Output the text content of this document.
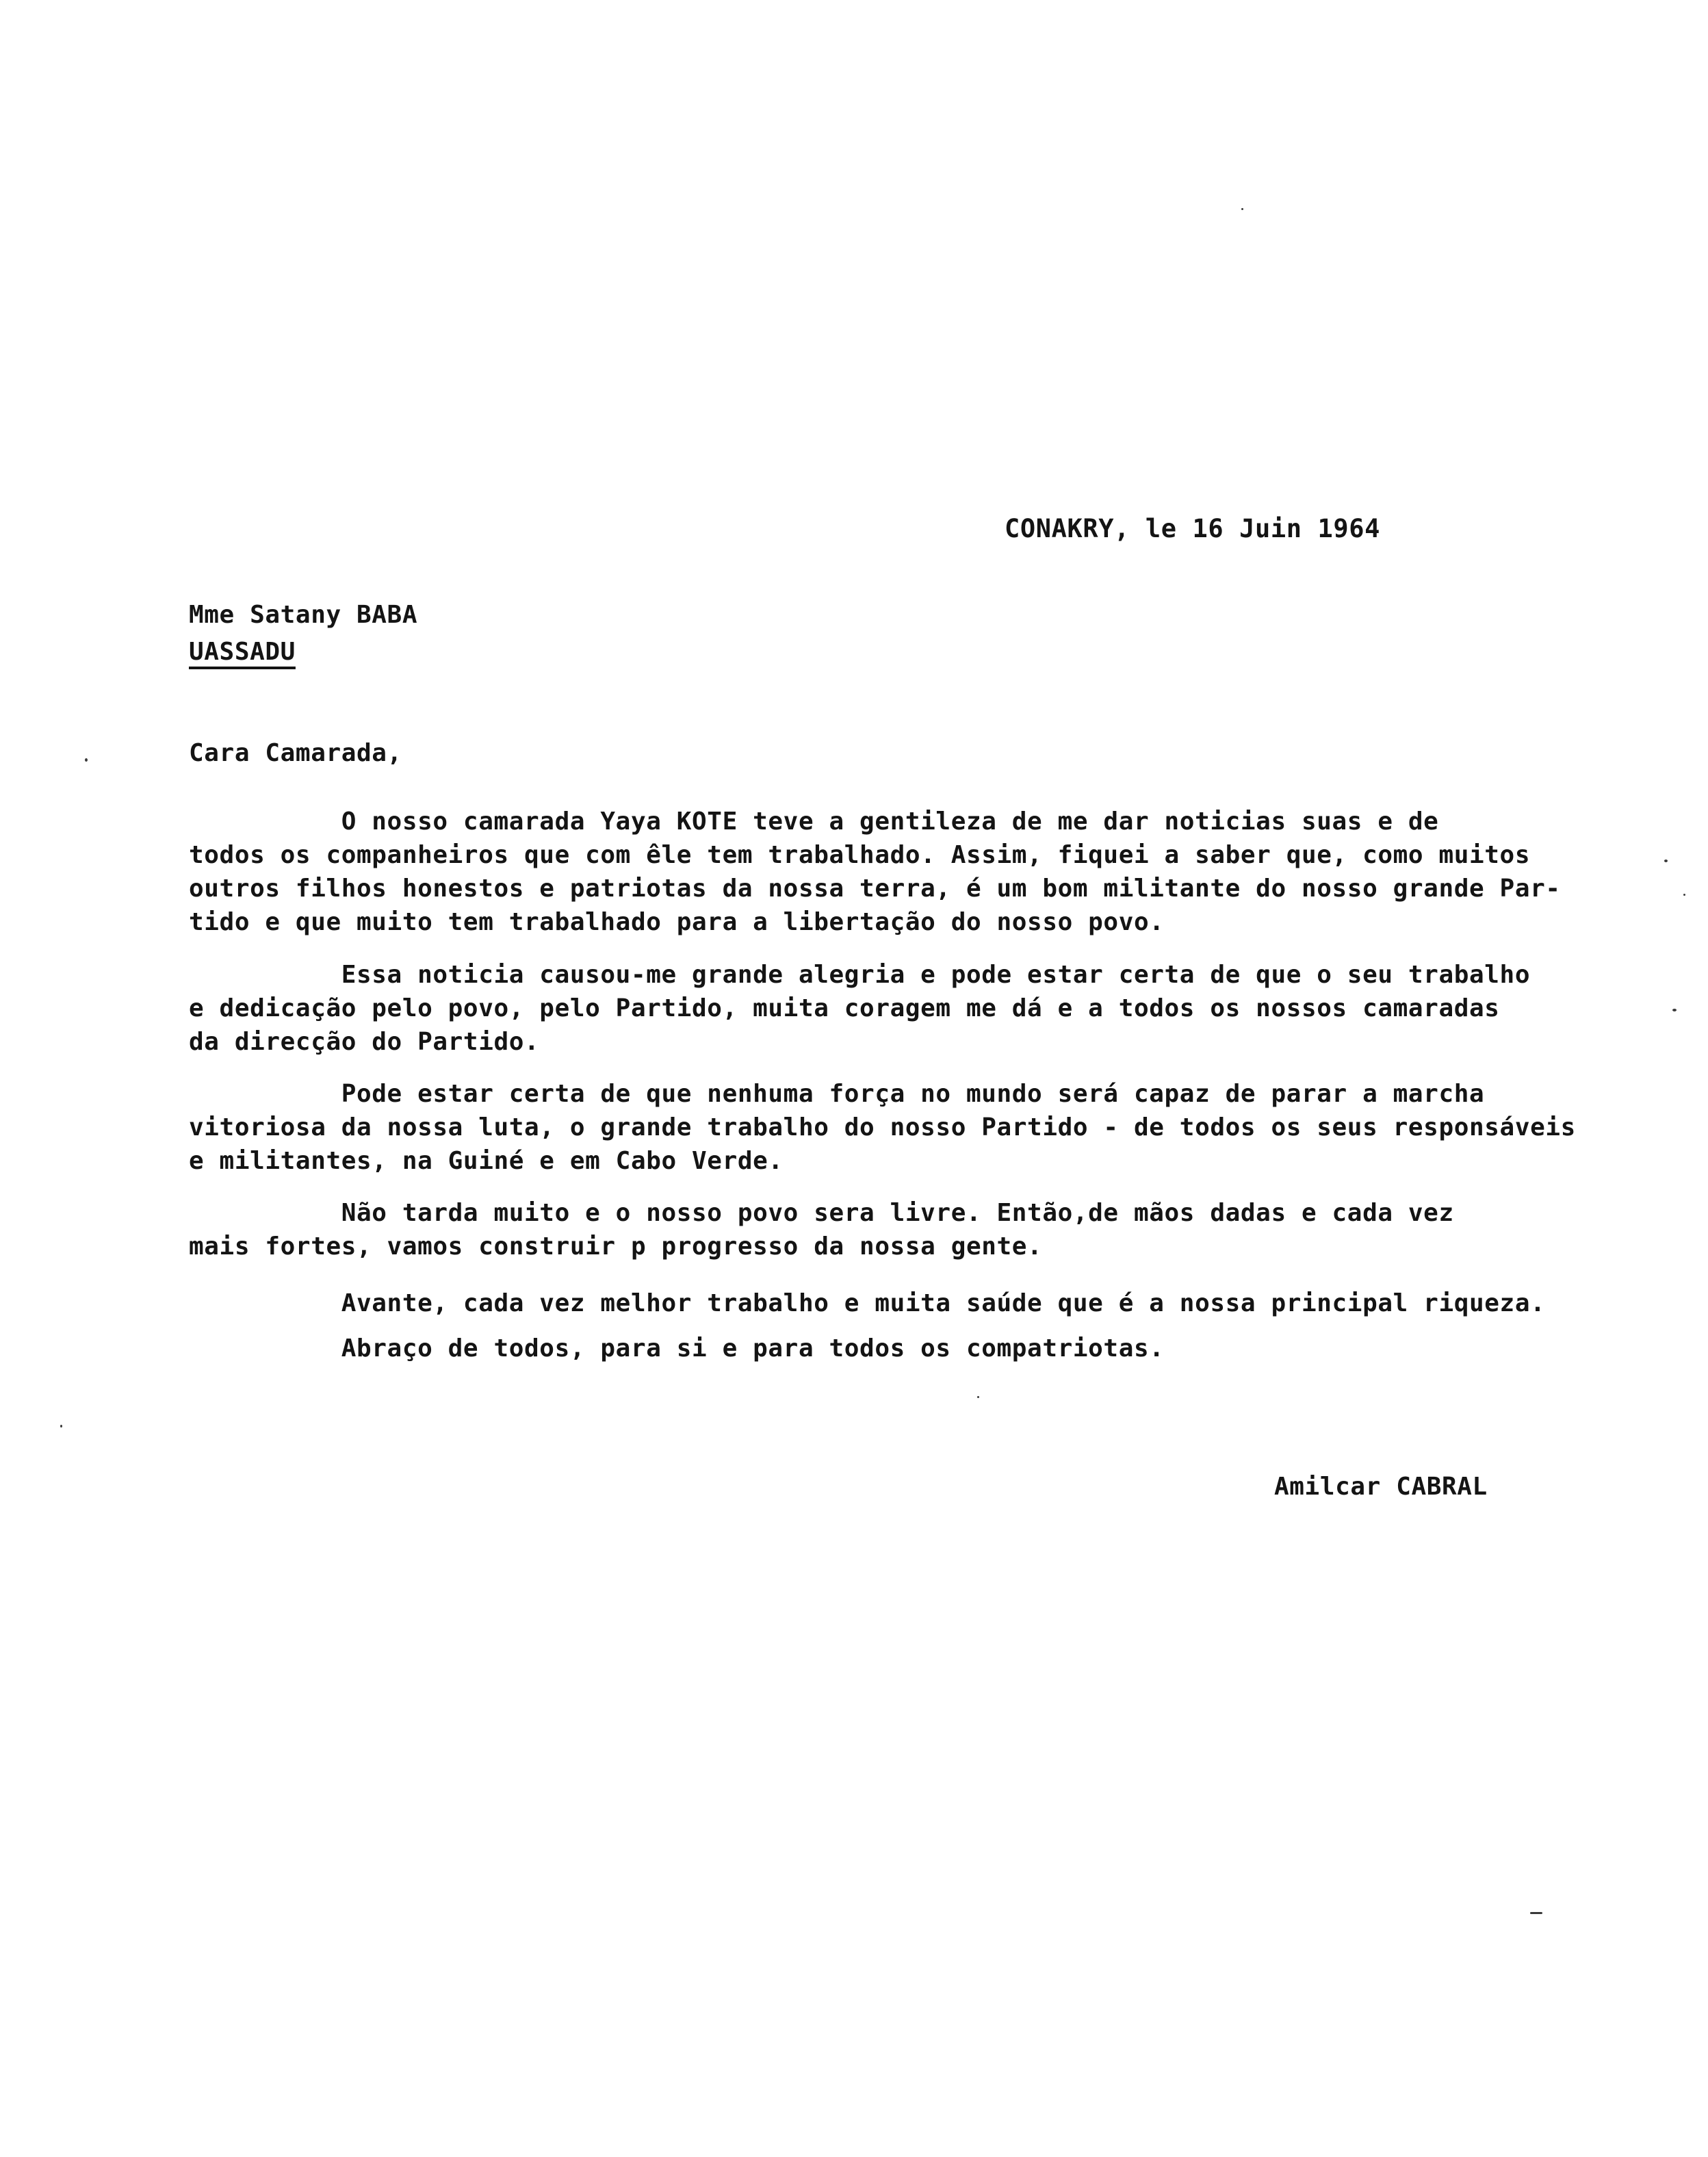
CONAKRY, le 16 Juin 1964
Mme Satany BABA
UASSADU
Cara Camarada,
O nosso camarada Yaya KOTE teve a gentileza de me dar noticias suas e de
todos os companheiros que com êle tem trabalhado. Assim, fiquei a saber que, como muitos
outros filhos honestos e patriotas da nossa terra, é um bom militante do nosso grande Par-
tido e que muito tem trabalhado para a libertação do nosso povo.
Essa noticia causou-me grande alegria e pode estar certa de que o seu trabalho
e dedicação pelo povo, pelo Partido, muita coragem me dá e a todos os nossos camaradas
da direcção do Partido.
Pode estar certa de que nenhuma força no mundo será capaz de parar a marcha
vitoriosa da nossa luta, o grande trabalho do nosso Partido - de todos os seus responsáveis
e militantes, na Guiné e em Cabo Verde.
Não tarda muito e o nosso povo sera livre. Então,de mãos dadas e cada vez
mais fortes, vamos construir p progresso da nossa gente.
Avante, cada vez melhor trabalho e muita saúde que é a nossa principal riqueza.
Abraço de todos, para si e para todos os compatriotas.
Amilcar CABRAL
